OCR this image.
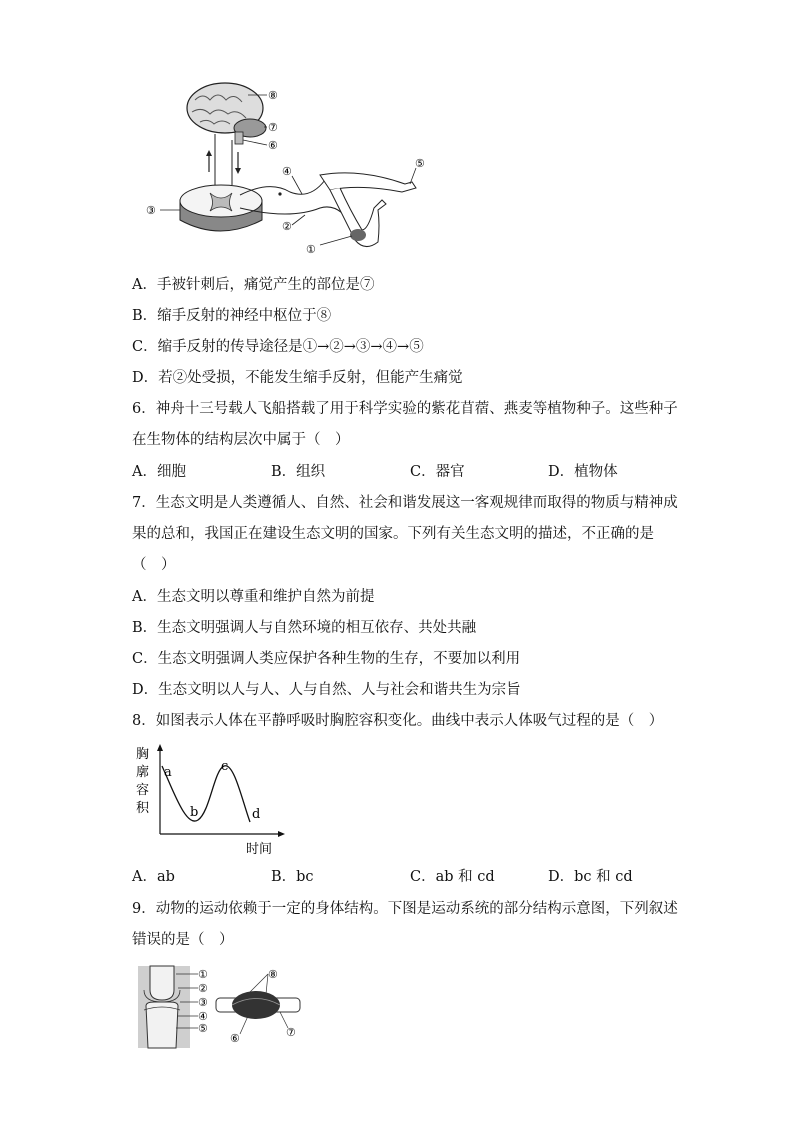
⑧
⑦
⑥
③
④
⑤
②
①
A．手被针刺后，痛觉产生的部位是⑦
B．缩手反射的神经中枢位于⑧
C．缩手反射的传导途径是①→②→③→④→⑤
D．若②处受损，不能发生缩手反射，但能产生痛觉
6．神舟十三号载人飞船搭载了用于科学实验的紫花苜蓿、燕麦等植物种子。这些种子
在生物体的结构层次中属于（　）
A．细胞	B．组织	C．器官	D．植物体
7．生态文明是人类遵循人、自然、社会和谐发展这一客观规律而取得的物质与精神成
果的总和，我国正在建设生态文明的国家。下列有关生态文明的描述，不正确的是
（　）
A．生态文明以尊重和维护自然为前提
B．生态文明强调人与自然环境的相互依存、共处共融
C．生态文明强调人类应保护各种生物的生存，不要加以利用
D．生态文明以人与人、人与自然、人与社会和谐共生为宗旨
8．如图表示人体在平静呼吸时胸腔容积变化。曲线中表示人体吸气过程的是（　）
胸
廓
容
积
a
b
c
d
时间
A．ab	B．bc	C．ab 和 cd	D．bc 和 cd
9．动物的运动依赖于一定的身体结构。下图是运动系统的部分结构示意图，下列叙述
错误的是（　）
①
②
③
④
⑤
⑧
⑥	⑦
